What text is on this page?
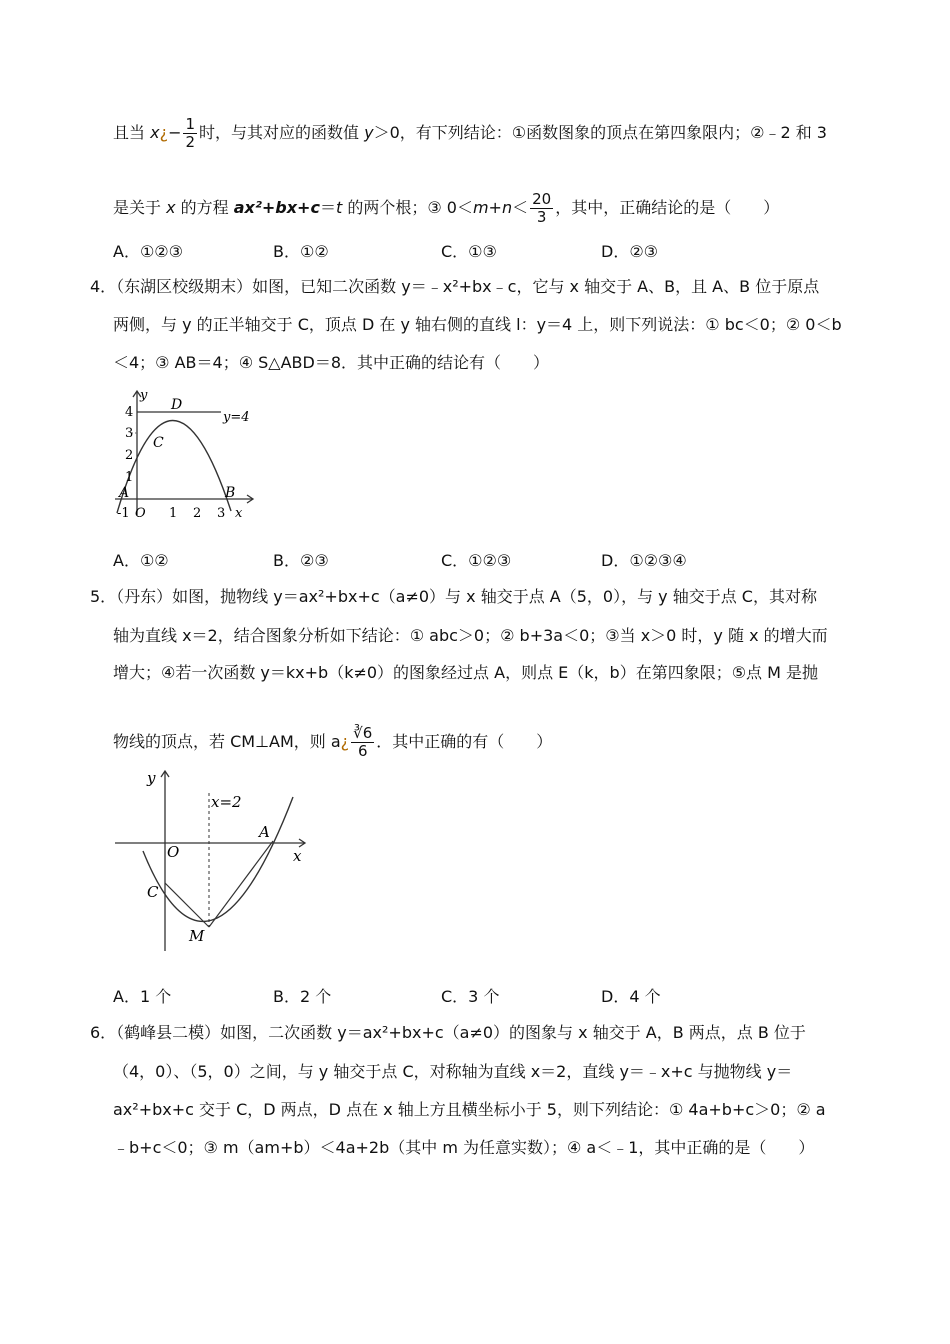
且当 x¿− $\frac{1}{2}$ 时，与其对应的函数值 y＞0，有下列结论：①函数图象的顶点在第四象限内；②﹣2 和 3
是关于 x 的方程 ax²+bx+c＝t 的两个根；③ $0<m+n< \frac{20}{3}$ ，其中，正确结论的是（　　）
A．①②③	B．①②	C．①③	D．②③
4．（东湖区校级期末）如图，已知二次函数 y＝﹣x²+bx﹣c，它与 x 轴交于 A、B，且 A、B 位于原点
两侧，与 y 的正半轴交于 C，顶点 D 在 y 轴右侧的直线 l：y＝4 上，则下列说法：① bc＜0；② 0＜b
＜4；③ AB＝4；④ S△ABD＝8．其中正确的结论有（　　）
y
4
3
2
1
D
C
A	B
y=4
-1 O 1 2 3 x
A．①②	B．②③	C．①②③	D．①②③④
5．（丹东）如图，抛物线 y＝ax²+bx+c（a≠0）与 x 轴交于点 A（5，0），与 y 轴交于点 C，其对称
轴为直线 x＝2，结合图象分析如下结论：① abc＞0；② b+3a＜0；③当 x＞0 时，y 随 x 的增大而
增大；④若一次函数 y＝kx+b（k≠0）的图象经过点 A，则点 E（k，b）在第四象限；⑤点 M 是抛
物线的顶点，若 CM⊥AM，则 a¿ $\frac{∛6}{6}$ ．其中正确的有（　　）
y
x=2
A
O	x
C
M
A．1 个	B．2 个	C．3 个	D．4 个
6．（鹤峰县二模）如图，二次函数 y＝ax²+bx+c（a≠0）的图象与 x 轴交于 A，B 两点，点 B 位于
（4，0）、（5，0）之间，与 y 轴交于点 C，对称轴为直线 x＝2，直线 y＝﹣x+c 与抛物线 y＝
ax²+bx+c 交于 C，D 两点，D 点在 x 轴上方且横坐标小于 5，则下列结论：① 4a+b+c＞0；② a
﹣b+c＜0；③ m（am+b）＜4a+2b（其中 m 为任意实数）；④ a＜﹣1，其中正确的是（　　）
